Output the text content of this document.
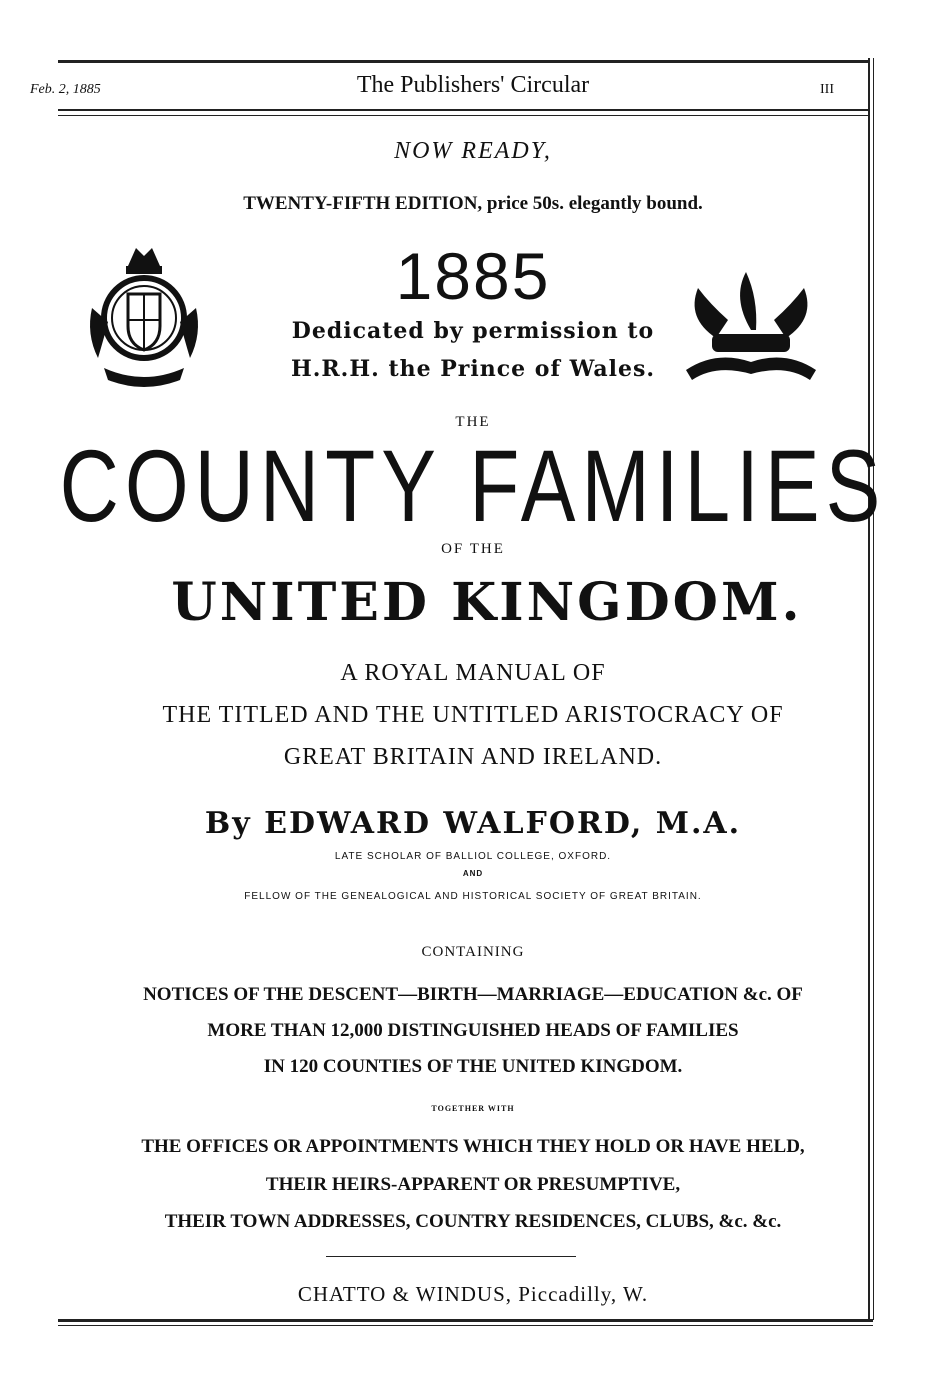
Feb. 2, 1885	The Publishers' Circular	III
NOW READY,
TWENTY-FIFTH EDITION, price 50s. elegantly bound.
1885
Dedicated by permission to
H.R.H. the Prince of Wales.
THE
COUNTY FAMILIES
OF THE
UNITED KINGDOM.
A ROYAL MANUAL OF
THE TITLED AND THE UNTITLED ARISTOCRACY OF
GREAT BRITAIN AND IRELAND.
By EDWARD WALFORD, M.A.
LATE SCHOLAR OF BALLIOL COLLEGE, OXFORD.
AND
FELLOW OF THE GENEALOGICAL AND HISTORICAL SOCIETY OF GREAT BRITAIN.
CONTAINING
NOTICES OF THE DESCENT—BIRTH—MARRIAGE—EDUCATION &c. OF
MORE THAN 12,000 DISTINGUISHED HEADS OF FAMILIES
IN 120 COUNTIES OF THE UNITED KINGDOM.
TOGETHER WITH
THE OFFICES OR APPOINTMENTS WHICH THEY HOLD OR HAVE HELD,
THEIR HEIRS-APPARENT OR PRESUMPTIVE,
THEIR TOWN ADDRESSES, COUNTRY RESIDENCES, CLUBS, &c. &c.
CHATTO & WINDUS, Piccadilly, W.
